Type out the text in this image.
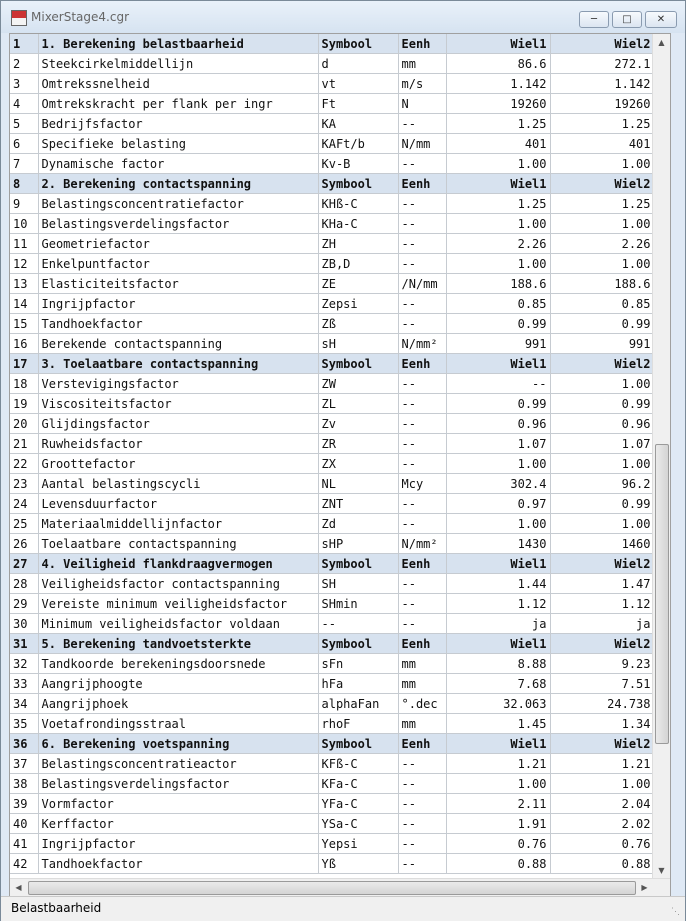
MixerStage4.cgr	─	□	✕
1	1. Berekening belastbaarheid	Symbool	Eenh	Wiel1	Wiel2
2	Steekcirkelmiddellijn	d	mm	86.6	272.1
3	Omtrekssnelheid	vt	m/s	1.142	1.142
4	Omtrekskracht per flank per ingr	Ft	N	19260	19260
5	Bedrijfsfactor	KA	--	1.25	1.25
6	Specifieke belasting	KAFt/b	N/mm	401	401
7	Dynamische factor	Kv-B	--	1.00	1.00
8	2. Berekening contactspanning	Symbool	Eenh	Wiel1	Wiel2
9	Belastingsconcentratiefactor	KHß-C	--	1.25	1.25
10	Belastingsverdelingsfactor	KHa-C	--	1.00	1.00
11	Geometriefactor	ZH	--	2.26	2.26
12	Enkelpuntfactor	ZB,D	--	1.00	1.00
13	Elasticiteitsfactor	ZE	/N/mm	188.6	188.6
14	Ingrijpfactor	Zepsi	--	0.85	0.85
15	Tandhoekfactor	Zß	--	0.99	0.99
16	Berekende contactspanning	sH	N/mm²	991	991
17	3. Toelaatbare contactspanning	Symbool	Eenh	Wiel1	Wiel2
18	Verstevigingsfactor	ZW	--	--	1.00
19	Viscositeitsfactor	ZL	--	0.99	0.99
20	Glijdingsfactor	Zv	--	0.96	0.96
21	Ruwheidsfactor	ZR	--	1.07	1.07
22	Groottefactor	ZX	--	1.00	1.00
23	Aantal belastingscycli	NL	Mcy	302.4	96.2
24	Levensduurfactor	ZNT	--	0.97	0.99
25	Materiaalmiddellijnfactor	Zd	--	1.00	1.00
26	Toelaatbare contactspanning	sHP	N/mm²	1430	1460
27	4. Veiligheid flankdraagvermogen	Symbool	Eenh	Wiel1	Wiel2
28	Veiligheidsfactor contactspanning	SH	--	1.44	1.47
29	Vereiste minimum veiligheidsfactor	SHmin	--	1.12	1.12
30	Minimum veiligheidsfactor voldaan	--	--	ja	ja
31	5. Berekening tandvoetsterkte	Symbool	Eenh	Wiel1	Wiel2
32	Tandkoorde berekeningsdoorsnede	sFn	mm	8.88	9.23
33	Aangrijphoogte	hFa	mm	7.68	7.51
34	Aangrijphoek	alphaFan	°.dec	32.063	24.738
35	Voetafrondingsstraal	rhoF	mm	1.45	1.34
36	6. Berekening voetspanning	Symbool	Eenh	Wiel1	Wiel2
37	Belastingsconcentratieactor	KFß-C	--	1.21	1.21
38	Belastingsverdelingsfactor	KFa-C	--	1.00	1.00
39	Vormfactor	YFa-C	--	2.11	2.04
40	Kerffactor	YSa-C	--	1.91	2.02
41	Ingrijpfactor	Yepsi	--	0.76	0.76
42	Tandhoekfactor	Yß	--	0.88	0.88
▲
▼
◀	▶
Belastbaarheid	⋱
